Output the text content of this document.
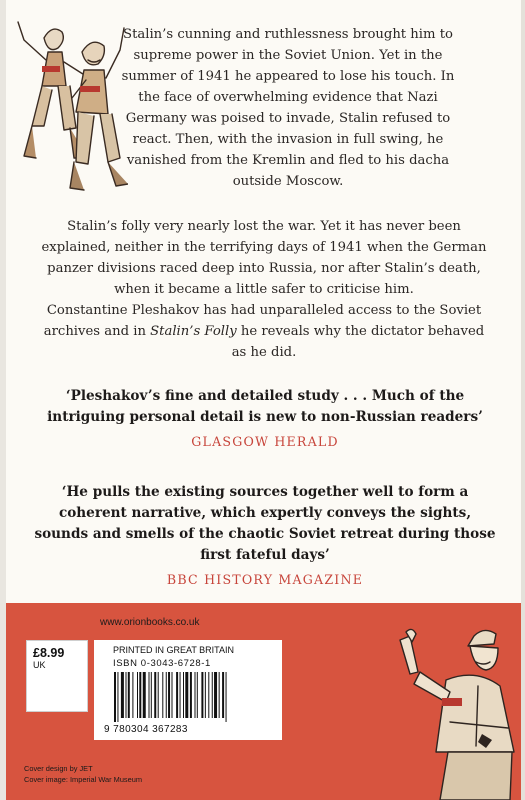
Stalin’s cunning and ruthlessness brought him to supreme power in the Soviet Union. Yet in the summer of 1941 he appeared to lose his touch. In the face of overwhelming evidence that Nazi Germany was poised to invade, Stalin refused to react. Then, with the invasion in full swing, he vanished from the Kremlin and fled to his dacha outside Moscow.

Stalin’s folly very nearly lost the war. Yet it has never been explained, neither in the terrifying days of 1941 when the German panzer divisions raced deep into Russia, nor after Stalin’s death, when it became a little safer to criticise him.

Constantine Pleshakov has had unparalleled access to the Soviet archives and in Stalin’s Folly he reveals why the dictator behaved as he did.

‘Pleshakov’s fine and detailed study . . . Much of the intriguing personal detail is new to non-Russian readers’

GLASGOW HERALD

‘He pulls the existing sources together well to form a coherent narrative, which expertly conveys the sights, sounds and smells of the chaotic Soviet retreat during those first fateful days’

BBC HISTORY MAGAZINE
www.orionbooks.co.uk
£8.99
UK
PRINTED IN GREAT BRITAIN
ISBN 0-3043-6728-1
9 780304 367283
Cover design by JET
Cover image: Imperial War Museum
